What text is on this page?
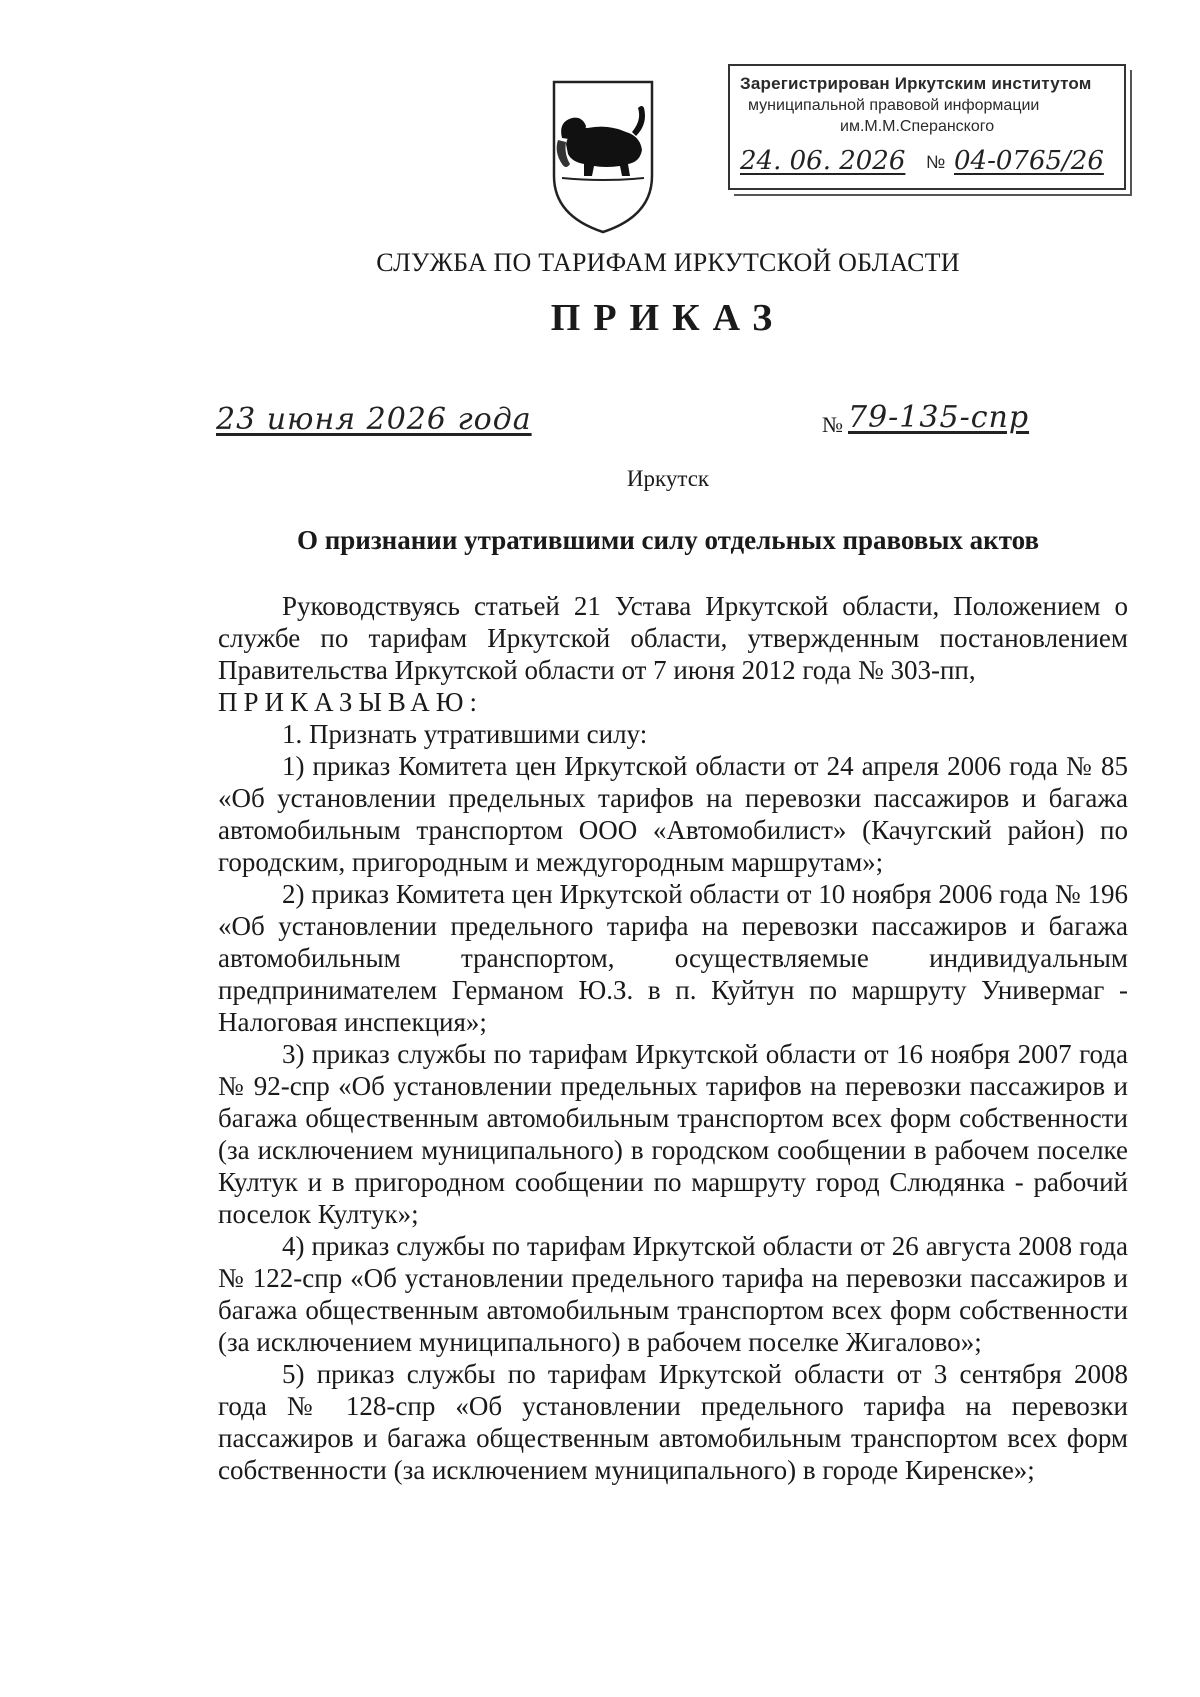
Зарегистрирован Иркутским институтом
муниципальной правовой информации
им.М.М.Сперанского
24. 06. 2026 № 04-0765/26
СЛУЖБА ПО ТАРИФАМ ИРКУТСКОЙ ОБЛАСТИ
ПРИКАЗ
23 июня 2026 года	№ 79-135-спр
Иркутск
О признании утратившими силу отдельных правовых актов

Руководствуясь статьей 21 Устава Иркутской области, Положением о службе по тарифам Иркутской области, утвержденным постановлением Правительства Иркутской области от 7 июня 2012 года № 303-пп,

ПРИКАЗЫВАЮ:

1. Признать утратившими силу:

1) приказ Комитета цен Иркутской области от 24 апреля 2006 года № 85 «Об установлении предельных тарифов на перевозки пассажиров и багажа автомобильным транспортом ООО «Автомобилист» (Качугский район) по городским, пригородным и междугородным маршрутам»;

2) приказ Комитета цен Иркутской области от 10 ноября 2006 года № 196 «Об установлении предельного тарифа на перевозки пассажиров и багажа автомобильным транспортом, осуществляемые индивидуальным предпринимателем Германом Ю.З. в п. Куйтун по маршруту Универмаг - Налоговая инспекция»;

3) приказ службы по тарифам Иркутской области от 16 ноября 2007 года № 92-спр «Об установлении предельных тарифов на перевозки пассажиров и багажа общественным автомобильным транспортом всех форм собственности (за исключением муниципального) в городском сообщении в рабочем поселке Култук и в пригородном сообщении по маршруту город Слюдянка - рабочий поселок Култук»;

4) приказ службы по тарифам Иркутской области от 26 августа 2008 года № 122-спр «Об установлении предельного тарифа на перевозки пассажиров и багажа общественным автомобильным транспортом всех форм собственности (за исключением муниципального) в рабочем поселке Жигалово»;

5) приказ службы по тарифам Иркутской области от 3 сентября 2008 года № 128-спр «Об установлении предельного тарифа на перевозки пассажиров и багажа общественным автомобильным транспортом всех форм собственности (за исключением муниципального) в городе Киренске»;
